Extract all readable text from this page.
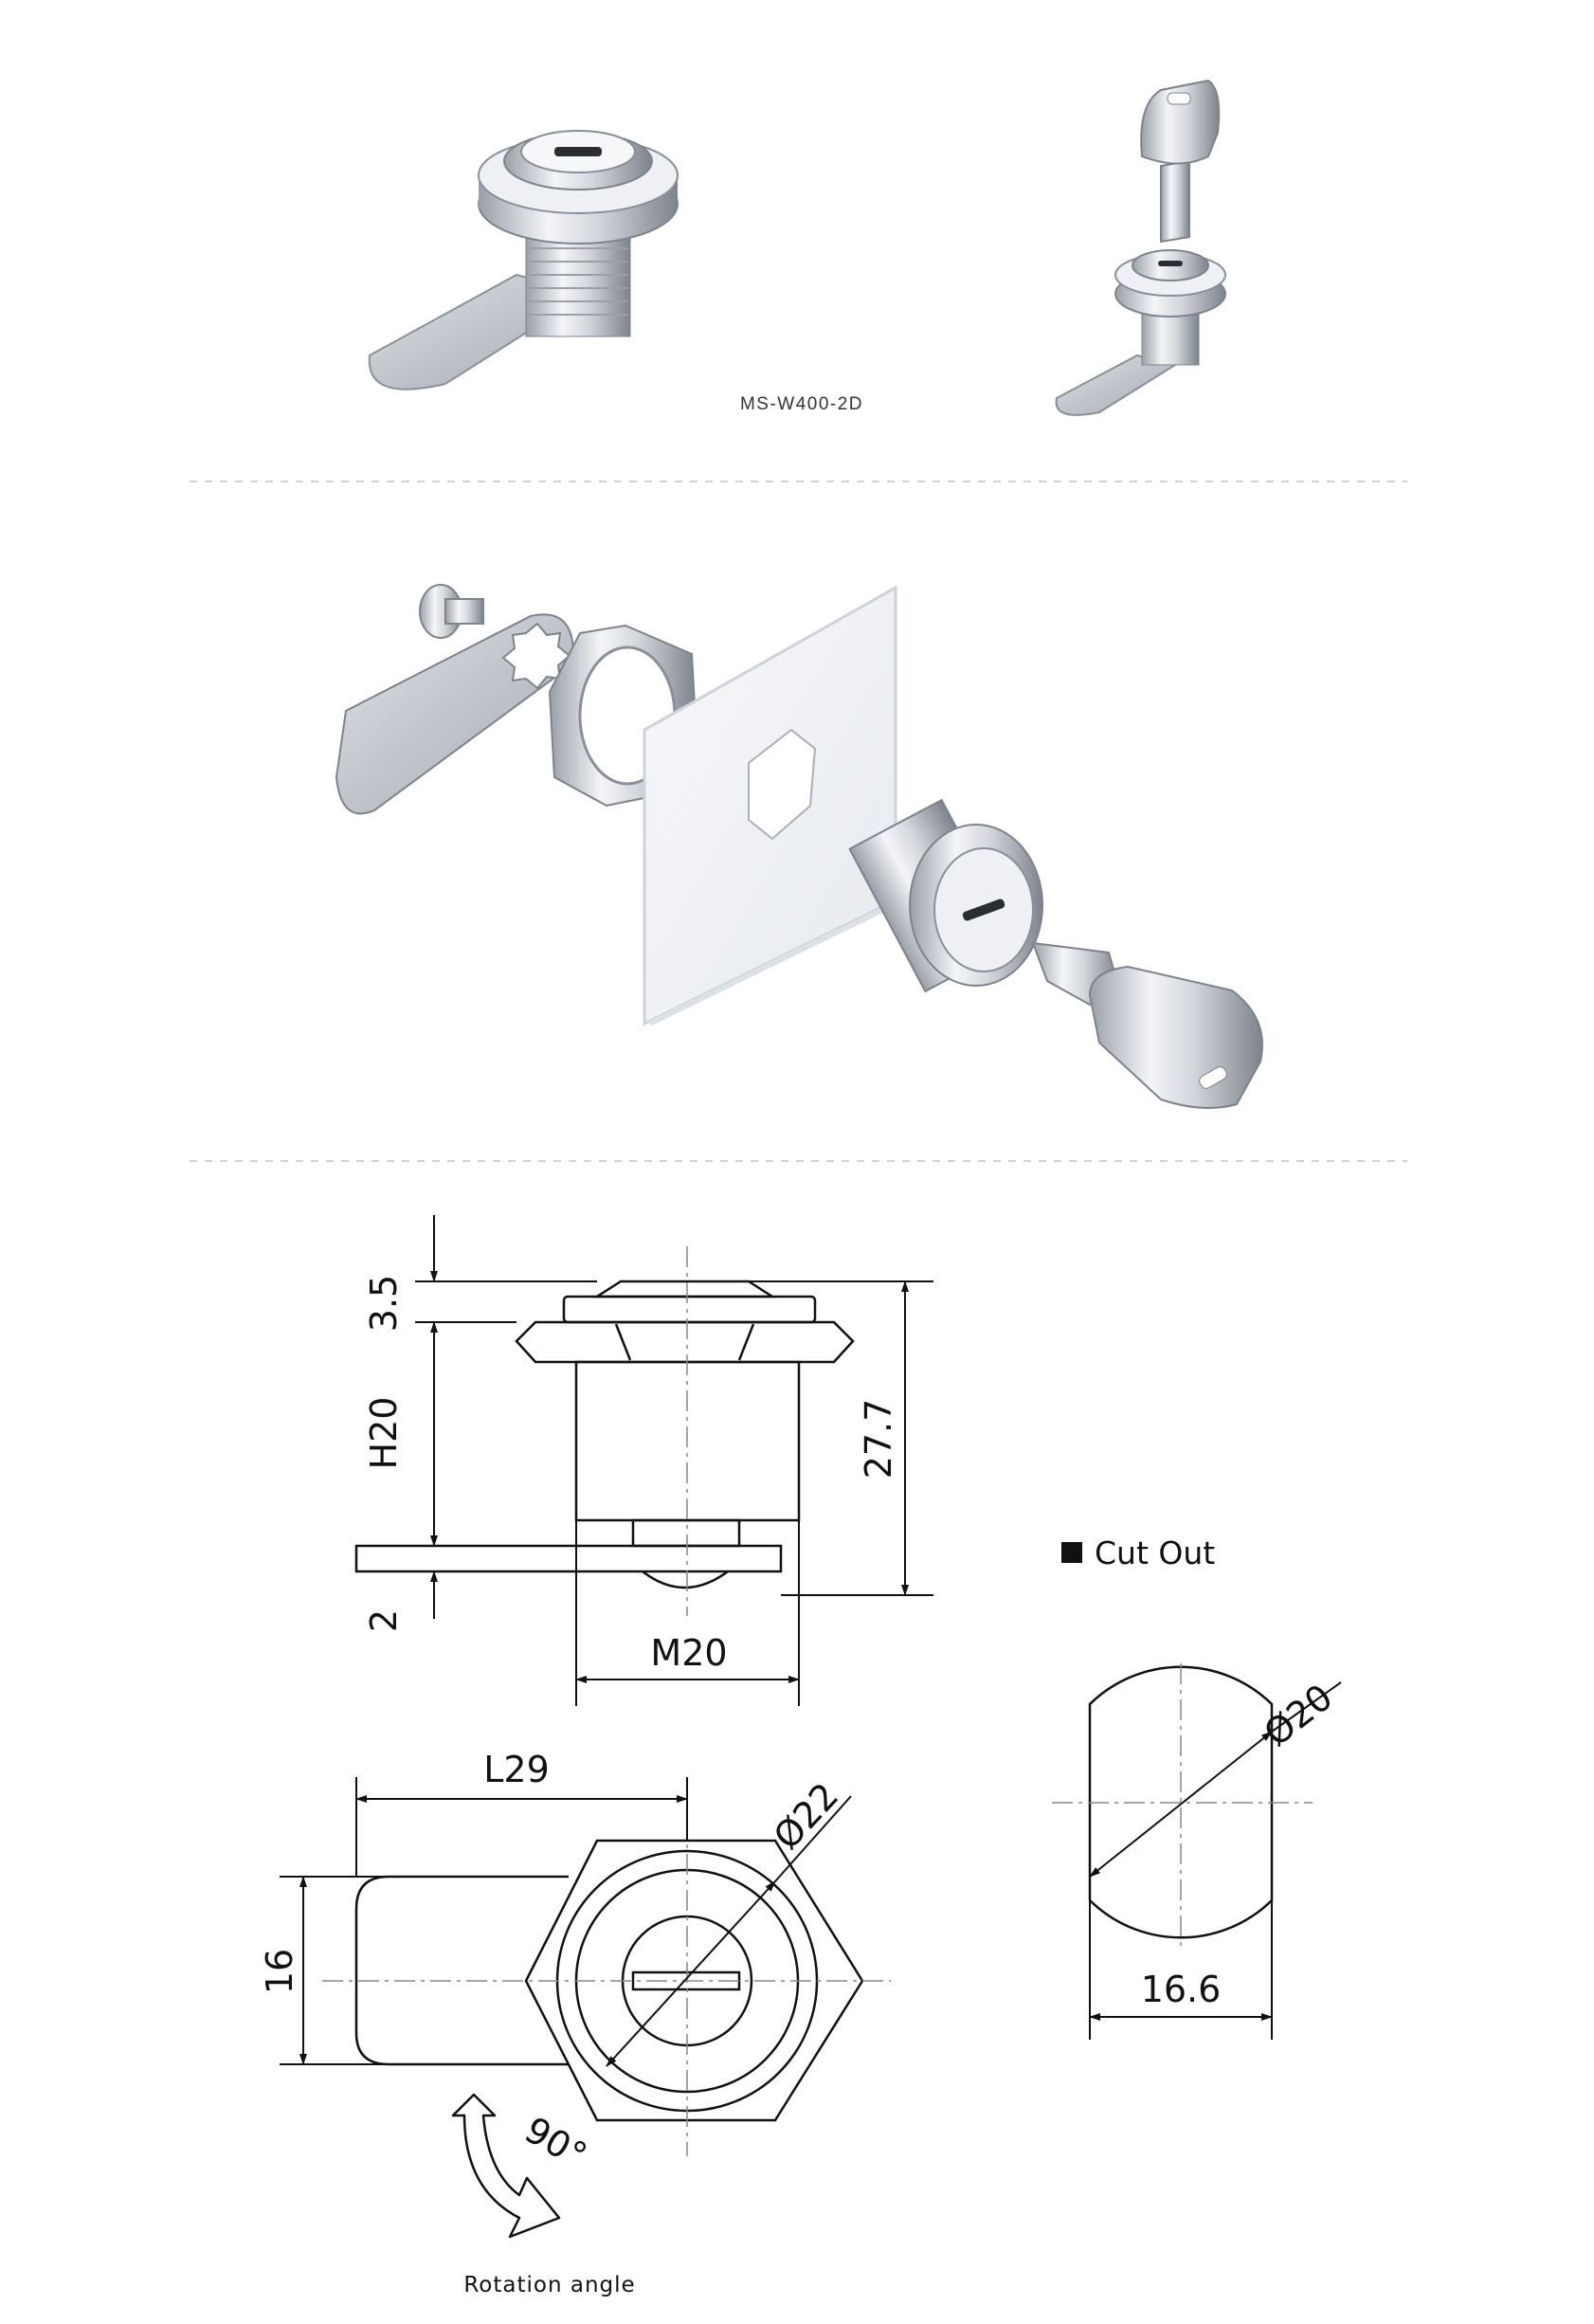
MS-W400-2D
3.5
H20
2
27.7
M20
Cut Out
L29
16
Ø22
90°
Rotation angle
Ø20
16.6
